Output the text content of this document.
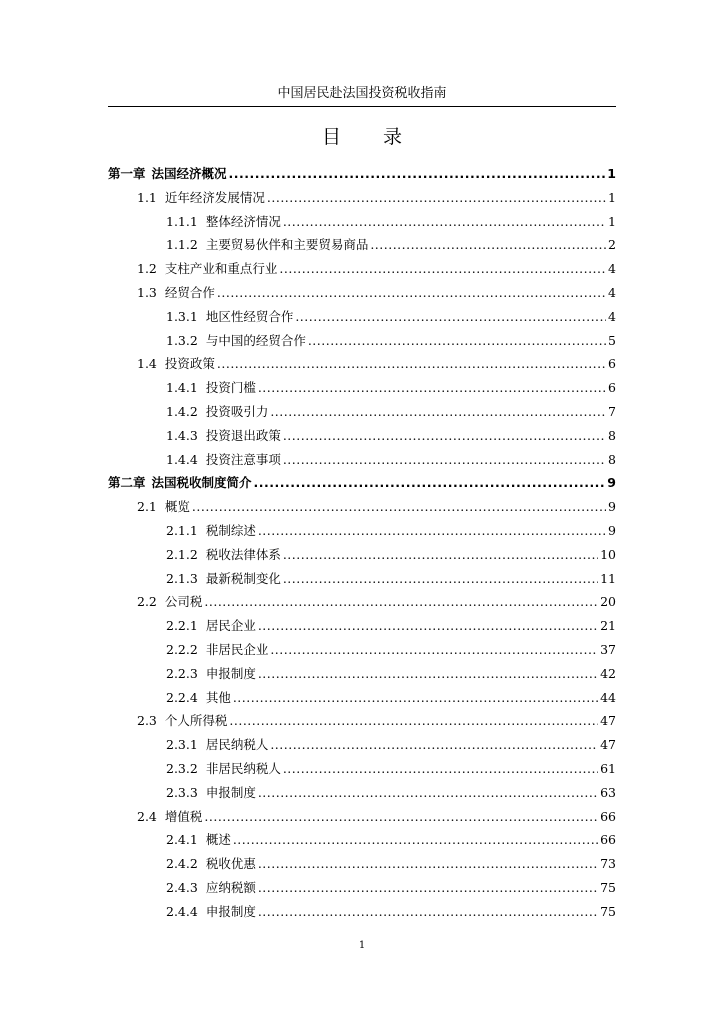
中国居民赴法国投资税收指南
目 录
第一章 法国经济概况 .....	1
1.1 近年经济发展情况 .....	1
1.1.1 整体经济情况 .....	1
1.1.2 主要贸易伙伴和主要贸易商品 .....	2
1.2 支柱产业和重点行业 .....	4
1.3 经贸合作 .....	4
1.3.1 地区性经贸合作 .....	4
1.3.2 与中国的经贸合作 .....	5
1.4 投资政策 .....	6
1.4.1 投资门槛 .....	6
1.4.2 投资吸引力 .....	7
1.4.3 投资退出政策 .....	8
1.4.4 投资注意事项 .....	8
第二章 法国税收制度简介 .....	9
2.1 概览 .....	9
2.1.1 税制综述 .....	9
2.1.2 税收法律体系 .....	10
2.1.3 最新税制变化 .....	11
2.2 公司税 .....	20
2.2.1 居民企业 .....	21
2.2.2 非居民企业 .....	37
2.2.3 申报制度 .....	42
2.2.4 其他 .....	44
2.3 个人所得税 .....	47
2.3.1 居民纳税人 .....	47
2.3.2 非居民纳税人 .....	61
2.3.3 申报制度 .....	63
2.4 增值税 .....	66
2.4.1 概述 .....	66
2.4.2 税收优惠 .....	73
2.4.3 应纳税额 .....	75
2.4.4 申报制度 .....	75
1
